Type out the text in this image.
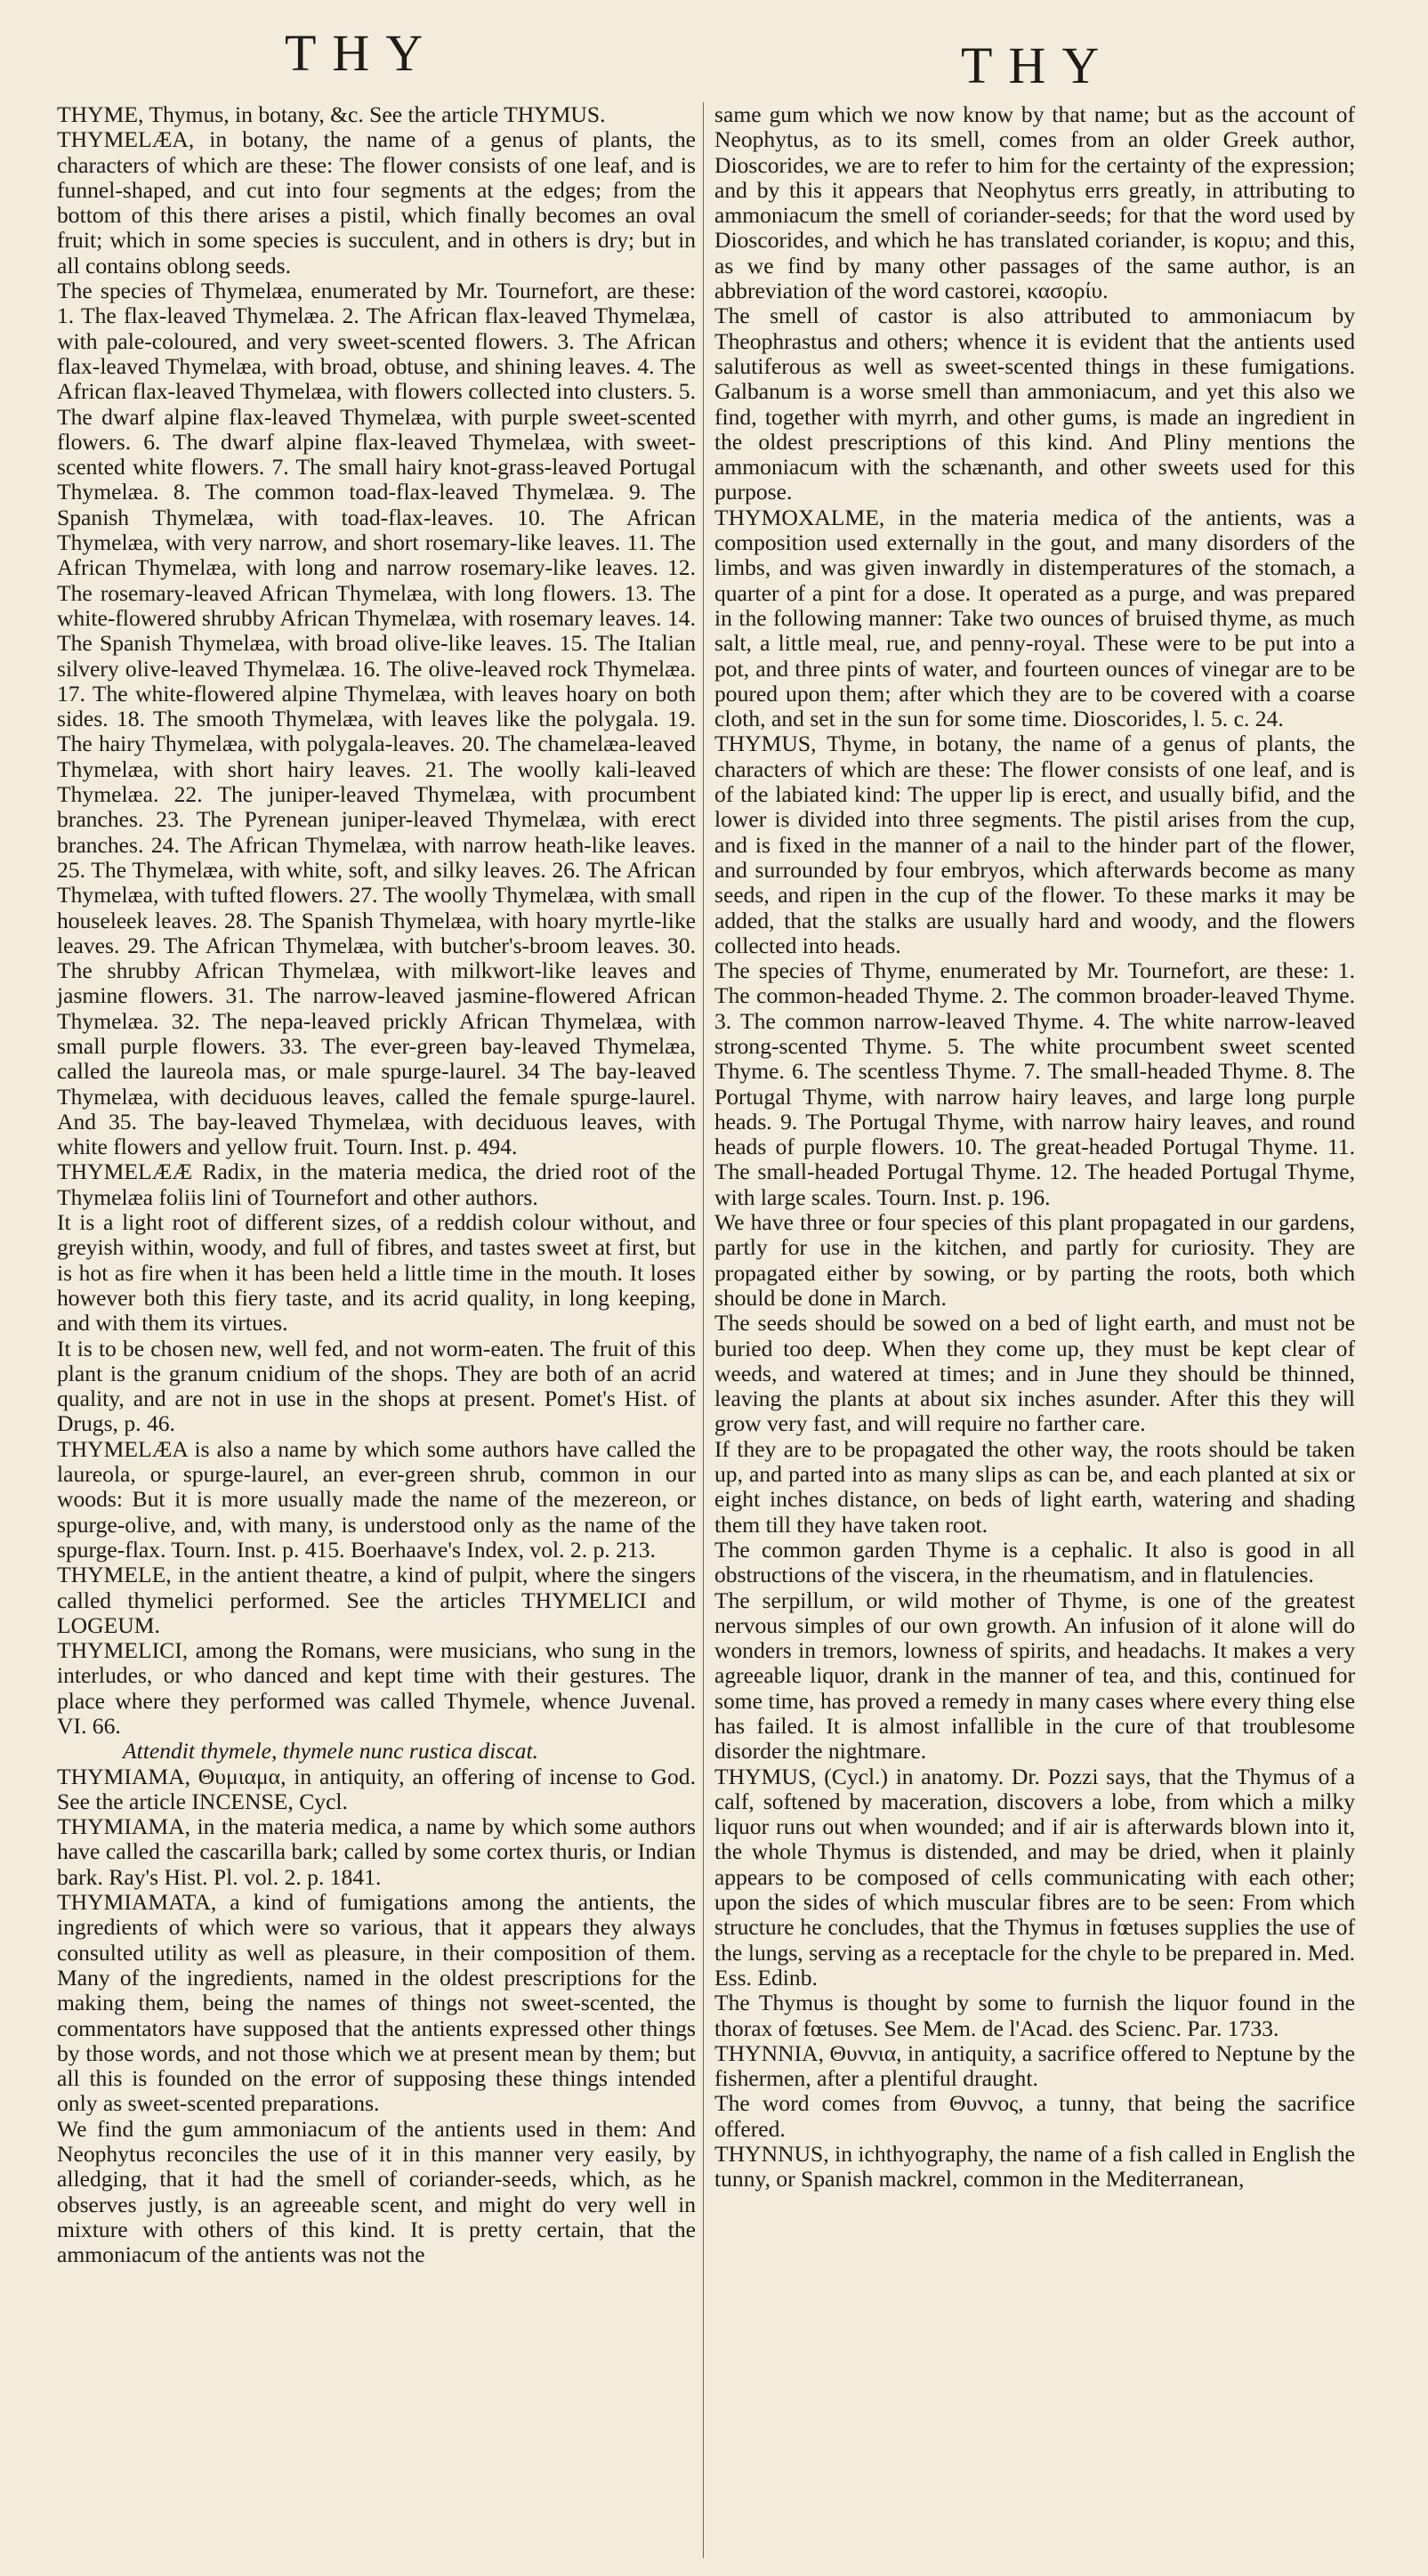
THY	THY

THYME, Thymus, in botany, &c. See the article THYMUS.

THYMELÆA, in botany, the name of a genus of plants, the characters of which are these: The flower consists of one leaf, and is funnel-shaped, and cut into four segments at the edges; from the bottom of this there arises a pistil, which finally becomes an oval fruit; which in some species is succulent, and in others is dry; but in all contains oblong seeds.

The species of Thymelæa, enumerated by Mr. Tournefort, are these: 1. The flax-leaved Thymelæa. 2. The African flax-leaved Thymelæa, with pale-coloured, and very sweet-scented flowers. 3. The African flax-leaved Thymelæa, with broad, obtuse, and shining leaves. 4. The African flax-leaved Thymelæa, with flowers collected into clusters. 5. The dwarf alpine flax-leaved Thymelæa, with purple sweet-scented flowers. 6. The dwarf alpine flax-leaved Thymelæa, with sweet-scented white flowers. 7. The small hairy knot-grass-leaved Portugal Thymelæa. 8. The common toad-flax-leaved Thymelæa. 9. The Spanish Thymelæa, with toad-flax-leaves. 10. The African Thymelæa, with very narrow, and short rosemary-like leaves. 11. The African Thymelæa, with long and narrow rosemary-like leaves. 12. The rosemary-leaved African Thymelæa, with long flowers. 13. The white-flowered shrubby African Thymelæa, with rosemary leaves. 14. The Spanish Thymelæa, with broad olive-like leaves. 15. The Italian silvery olive-leaved Thymelæa. 16. The olive-leaved rock Thymelæa. 17. The white-flowered alpine Thymelæa, with leaves hoary on both sides. 18. The smooth Thymelæa, with leaves like the polygala. 19. The hairy Thymelæa, with polygala-leaves. 20. The chamelæa-leaved Thymelæa, with short hairy leaves. 21. The woolly kali-leaved Thymelæa. 22. The juniper-leaved Thymelæa, with procumbent branches. 23. The Pyrenean juniper-leaved Thymelæa, with erect branches. 24. The African Thymelæa, with narrow heath-like leaves. 25. The Thymelæa, with white, soft, and silky leaves. 26. The African Thymelæa, with tufted flowers. 27. The woolly Thymelæa, with small houseleek leaves. 28. The Spanish Thymelæa, with hoary myrtle-like leaves. 29. The African Thymelæa, with butcher's-broom leaves. 30. The shrubby African Thymelæa, with milkwort-like leaves and jasmine flowers. 31. The narrow-leaved jasmine-flowered African Thymelæa. 32. The nepa-leaved prickly African Thymelæa, with small purple flowers. 33. The ever-green bay-leaved Thymelæa, called the laureola mas, or male spurge-laurel. 34 The bay-leaved Thymelæa, with deciduous leaves, called the female spurge-laurel. And 35. The bay-leaved Thymelæa, with deciduous leaves, with white flowers and yellow fruit. Tourn. Inst. p. 494.

THYMELÆÆ Radix, in the materia medica, the dried root of the Thymelæa foliis lini of Tournefort and other authors.

It is a light root of different sizes, of a reddish colour without, and greyish within, woody, and full of fibres, and tastes sweet at first, but is hot as fire when it has been held a little time in the mouth. It loses however both this fiery taste, and its acrid quality, in long keeping, and with them its virtues.

It is to be chosen new, well fed, and not worm-eaten. The fruit of this plant is the granum cnidium of the shops. They are both of an acrid quality, and are not in use in the shops at present. Pomet's Hist. of Drugs, p. 46.

THYMELÆA is also a name by which some authors have called the laureola, or spurge-laurel, an ever-green shrub, common in our woods: But it is more usually made the name of the mezereon, or spurge-olive, and, with many, is understood only as the name of the spurge-flax. Tourn. Inst. p. 415. Boerhaave's Index, vol. 2. p. 213.

THYMELE, in the antient theatre, a kind of pulpit, where the singers called thymelici performed. See the articles THYMELICI and LOGEUM.

THYMELICI, among the Romans, were musicians, who sung in the interludes, or who danced and kept time with their gestures. The place where they performed was called Thymele, whence Juvenal. VI. 66.

Attendit thymele, thymele nunc rustica discat.

THYMIAMA, Θυμιαμα, in antiquity, an offering of incense to God. See the article INCENSE, Cycl.

THYMIAMA, in the materia medica, a name by which some authors have called the cascarilla bark; called by some cortex thuris, or Indian bark. Ray's Hist. Pl. vol. 2. p. 1841.

THYMIAMATA, a kind of fumigations among the antients, the ingredients of which were so various, that it appears they always consulted utility as well as pleasure, in their composition of them. Many of the ingredients, named in the oldest prescriptions for the making them, being the names of things not sweet-scented, the commentators have supposed that the antients expressed other things by those words, and not those which we at present mean by them; but all this is founded on the error of supposing these things intended only as sweet-scented preparations.

We find the gum ammoniacum of the antients used in them: And Neophytus reconciles the use of it in this manner very easily, by alledging, that it had the smell of coriander-seeds, which, as he observes justly, is an agreeable scent, and might do very well in mixture with others of this kind. It is pretty certain, that the ammoniacum of the antients was not the

same gum which we now know by that name; but as the account of Neophytus, as to its smell, comes from an older Greek author, Dioscorides, we are to refer to him for the certainty of the expression; and by this it appears that Neophytus errs greatly, in attributing to ammoniacum the smell of coriander-seeds; for that the word used by Dioscorides, and which he has translated coriander, is κοριυ; and this, as we find by many other passages of the same author, is an abbreviation of the word castorei, κασορίυ.

The smell of castor is also attributed to ammoniacum by Theophrastus and others; whence it is evident that the antients used salutiferous as well as sweet-scented things in these fumigations. Galbanum is a worse smell than ammoniacum, and yet this also we find, together with myrrh, and other gums, is made an ingredient in the oldest prescriptions of this kind. And Pliny mentions the ammoniacum with the schænanth, and other sweets used for this purpose.

THYMOXALME, in the materia medica of the antients, was a composition used externally in the gout, and many disorders of the limbs, and was given inwardly in distemperatures of the stomach, a quarter of a pint for a dose. It operated as a purge, and was prepared in the following manner: Take two ounces of bruised thyme, as much salt, a little meal, rue, and penny-royal. These were to be put into a pot, and three pints of water, and fourteen ounces of vinegar are to be poured upon them; after which they are to be covered with a coarse cloth, and set in the sun for some time. Dioscorides, l. 5. c. 24.

THYMUS, Thyme, in botany, the name of a genus of plants, the characters of which are these: The flower consists of one leaf, and is of the labiated kind: The upper lip is erect, and usually bifid, and the lower is divided into three segments. The pistil arises from the cup, and is fixed in the manner of a nail to the hinder part of the flower, and surrounded by four embryos, which afterwards become as many seeds, and ripen in the cup of the flower. To these marks it may be added, that the stalks are usually hard and woody, and the flowers collected into heads.

The species of Thyme, enumerated by Mr. Tournefort, are these: 1. The common-headed Thyme. 2. The common broader-leaved Thyme. 3. The common narrow-leaved Thyme. 4. The white narrow-leaved strong-scented Thyme. 5. The white procumbent sweet scented Thyme. 6. The scentless Thyme. 7. The small-headed Thyme. 8. The Portugal Thyme, with narrow hairy leaves, and large long purple heads. 9. The Portugal Thyme, with narrow hairy leaves, and round heads of purple flowers. 10. The great-headed Portugal Thyme. 11. The small-headed Portugal Thyme. 12. The headed Portugal Thyme, with large scales. Tourn. Inst. p. 196.

We have three or four species of this plant propagated in our gardens, partly for use in the kitchen, and partly for curiosity. They are propagated either by sowing, or by parting the roots, both which should be done in March.

The seeds should be sowed on a bed of light earth, and must not be buried too deep. When they come up, they must be kept clear of weeds, and watered at times; and in June they should be thinned, leaving the plants at about six inches asunder. After this they will grow very fast, and will require no farther care.

If they are to be propagated the other way, the roots should be taken up, and parted into as many slips as can be, and each planted at six or eight inches distance, on beds of light earth, watering and shading them till they have taken root.

The common garden Thyme is a cephalic. It also is good in all obstructions of the viscera, in the rheumatism, and in flatulencies.

The serpillum, or wild mother of Thyme, is one of the greatest nervous simples of our own growth. An infusion of it alone will do wonders in tremors, lowness of spirits, and headachs. It makes a very agreeable liquor, drank in the manner of tea, and this, continued for some time, has proved a remedy in many cases where every thing else has failed. It is almost infallible in the cure of that troublesome disorder the nightmare.

THYMUS, (Cycl.) in anatomy. Dr. Pozzi says, that the Thymus of a calf, softened by maceration, discovers a lobe, from which a milky liquor runs out when wounded; and if air is afterwards blown into it, the whole Thymus is distended, and may be dried, when it plainly appears to be composed of cells communicating with each other; upon the sides of which muscular fibres are to be seen: From which structure he concludes, that the Thymus in fœtuses supplies the use of the lungs, serving as a receptacle for the chyle to be prepared in. Med. Ess. Edinb.

The Thymus is thought by some to furnish the liquor found in the thorax of fœtuses. See Mem. de l'Acad. des Scienc. Par. 1733.

THYNNIA, Θυννια, in antiquity, a sacrifice offered to Neptune by the fishermen, after a plentiful draught.

The word comes from Θυννος, a tunny, that being the sacrifice offered.

THYNNUS, in ichthyography, the name of a fish called in English the tunny, or Spanish mackrel, common in the Mediterranean,
